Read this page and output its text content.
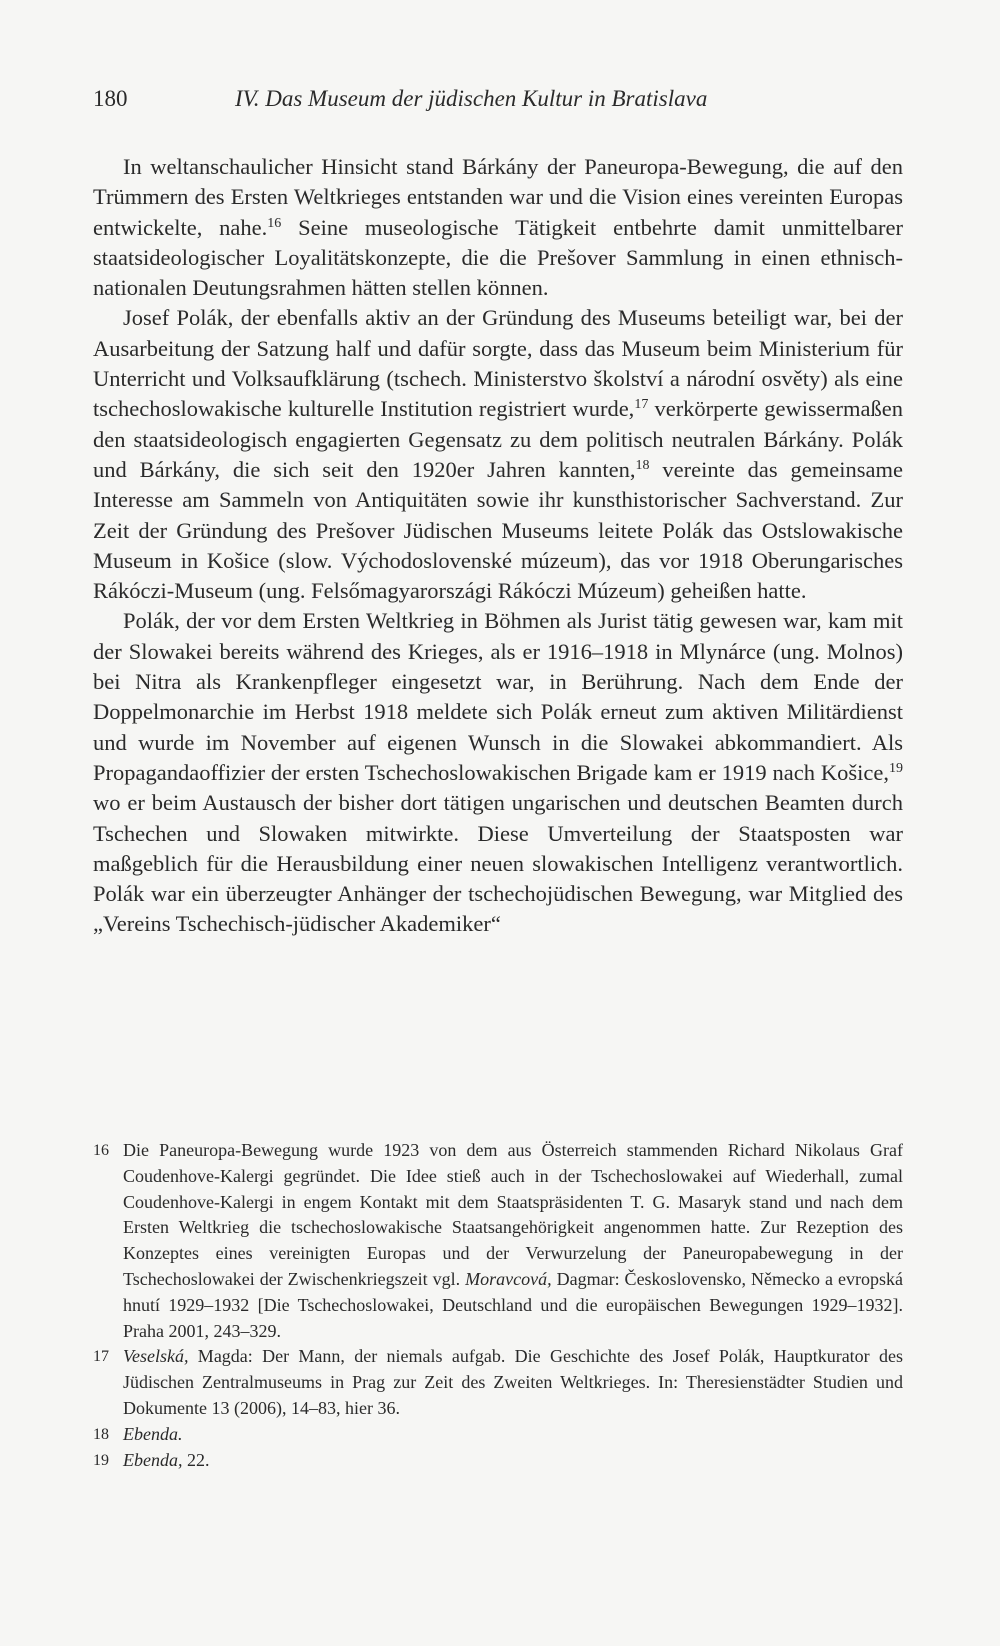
180	IV. Das Museum der jüdischen Kultur in Bratislava

In weltanschaulicher Hinsicht stand Bárkány der Paneuropa-Bewegung, die auf den Trümmern des Ersten Weltkrieges entstanden war und die Vision eines vereinten Europas entwickelte, nahe.$^{16}$ Seine museologische Tätigkeit entbehrte damit unmittelbarer staatsideologischer Loyalitätskonzepte, die die Prešover Sammlung in einen ethnisch-nationalen Deutungsrahmen hätten stellen können.

Josef Polák, der ebenfalls aktiv an der Gründung des Museums beteiligt war, bei der Ausarbeitung der Satzung half und dafür sorgte, dass das Museum beim Ministerium für Unterricht und Volksaufklärung (tschech. Ministerstvo školství a národní osvěty) als eine tschechoslowakische kulturelle Institution registriert wurde,$^{17}$ verkörperte gewissermaßen den staatsideologisch engagierten Gegensatz zu dem politisch neutralen Bárkány. Polák und Bárkány, die sich seit den 1920er Jahren kannten,$^{18}$ vereinte das gemeinsame Interesse am Sammeln von Antiquitäten sowie ihr kunsthistorischer Sachverstand. Zur Zeit der Gründung des Prešover Jüdischen Museums leitete Polák das Ostslowakische Museum in Košice (slow. Východoslovenské múzeum), das vor 1918 Oberungarisches Rákóczi-Museum (ung. Felsőmagyarországi Rákóczi Múzeum) geheißen hatte.

Polák, der vor dem Ersten Weltkrieg in Böhmen als Jurist tätig gewesen war, kam mit der Slowakei bereits während des Krieges, als er 1916–1918 in Mlynárce (ung. Molnos) bei Nitra als Krankenpfleger eingesetzt war, in Berührung. Nach dem Ende der Doppelmonarchie im Herbst 1918 meldete sich Polák erneut zum aktiven Militärdienst und wurde im November auf eigenen Wunsch in die Slowakei abkommandiert. Als Propagandaoffizier der ersten Tschechoslowakischen Brigade kam er 1919 nach Košice,$^{19}$ wo er beim Austausch der bisher dort tätigen ungarischen und deutschen Beamten durch Tschechen und Slowaken mitwirkte. Diese Umverteilung der Staatsposten war maßgeblich für die Herausbildung einer neuen slowakischen Intelligenz verantwortlich. Polák war ein überzeugter Anhänger der tschechojüdischen Bewegung, war Mitglied des „Vereins Tschechisch-jüdischer Akademiker“

16 Die Paneuropa-Bewegung wurde 1923 von dem aus Österreich stammenden Richard Nikolaus Graf Coudenhove-Kalergi gegründet. Die Idee stieß auch in der Tschechoslowakei auf Wiederhall, zumal Coudenhove-Kalergi in engem Kontakt mit dem Staatspräsidenten T. G. Masaryk stand und nach dem Ersten Weltkrieg die tschechoslowakische Staatsangehörigkeit angenommen hatte. Zur Rezeption des Konzeptes eines vereinigten Europas und der Verwurzelung der Paneuropabewegung in der Tschechoslowakei der Zwischenkriegszeit vgl. Moravcová, Dagmar: Československo, Německo a evropská hnutí 1929–1932 [Die Tschechoslowakei, Deutschland und die europäischen Bewegungen 1929–1932]. Praha 2001, 243–329.
17 Veselská, Magda: Der Mann, der niemals aufgab. Die Geschichte des Josef Polák, Hauptkurator des Jüdischen Zentralmuseums in Prag zur Zeit des Zweiten Weltkrieges. In: Theresienstädter Studien und Dokumente 13 (2006), 14–83, hier 36.
18 Ebenda.
19 Ebenda, 22.
